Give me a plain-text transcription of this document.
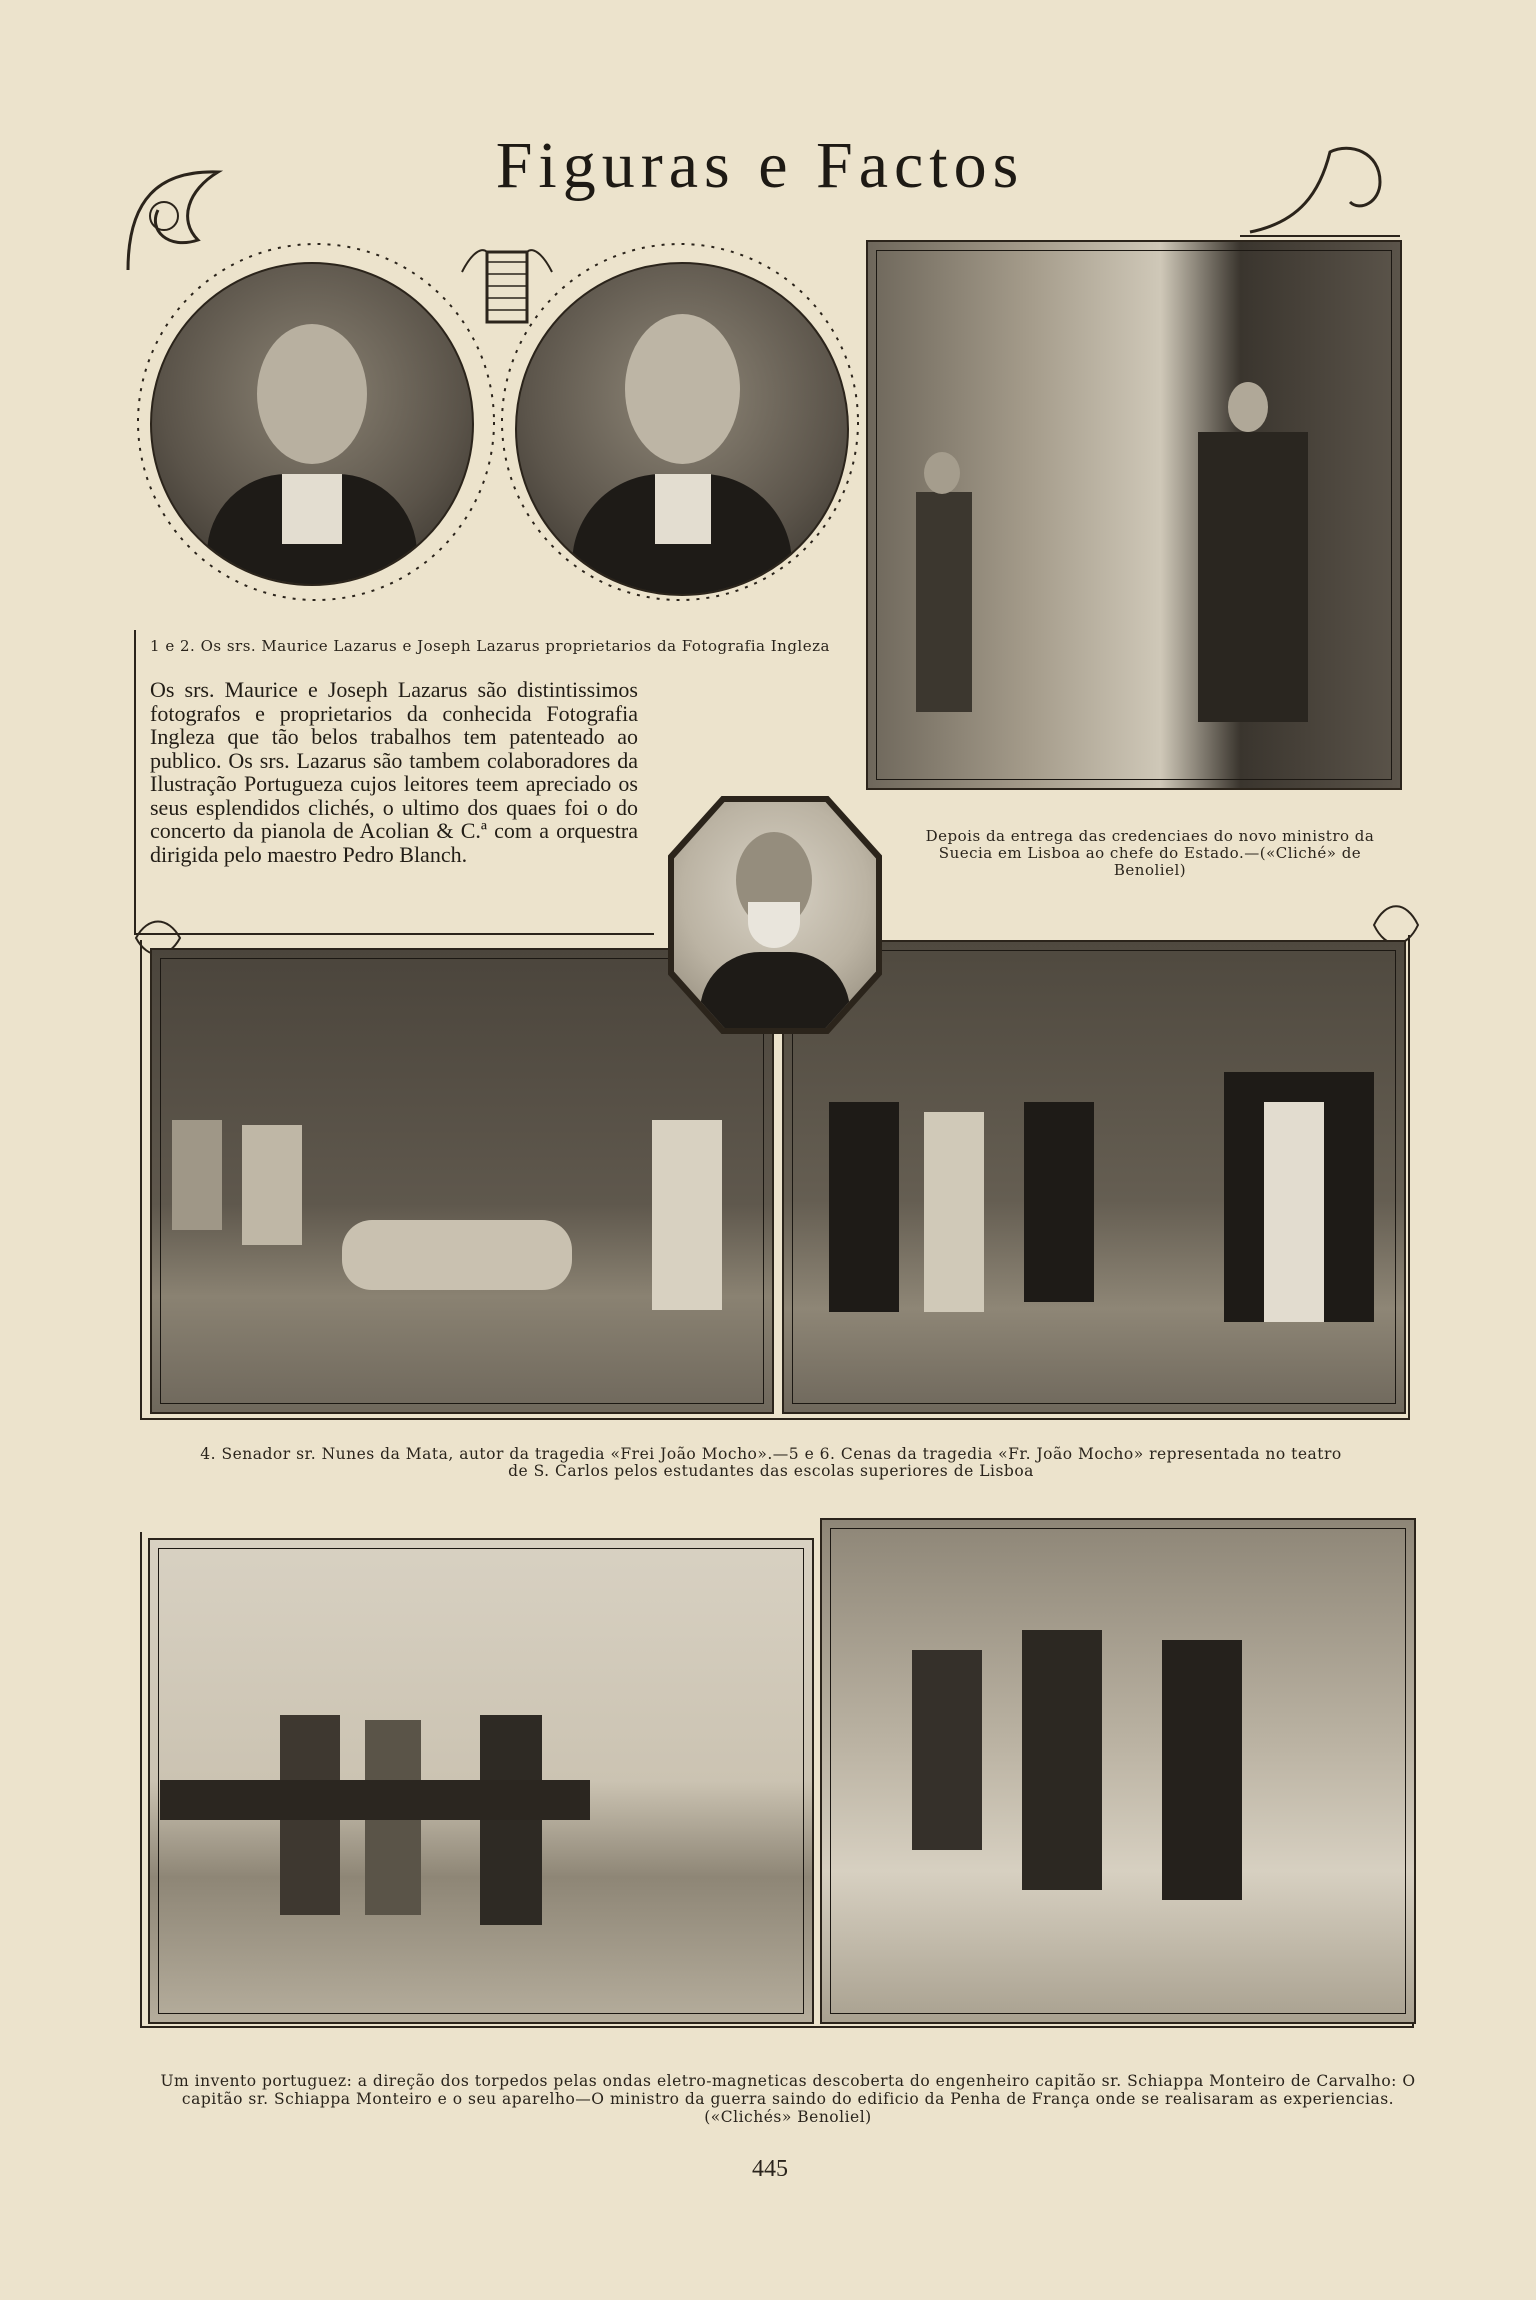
Figuras e Factos
1 e 2. Os srs. Maurice Lazarus e Joseph Lazarus proprietarios da Fotografia Ingleza
Os srs. Maurice e Joseph Lazarus são distintissimos fotografos e proprietarios da conhecida Fotografia Ingleza que tão belos trabalhos tem patenteado ao publico. Os srs. Lazarus são tambem colaboradores da Ilustração Portugueza cujos leitores teem apreciado os seus esplendidos clichés, o ultimo dos quaes foi o do concerto da pianola de Acolian & C.ª com a orquestra dirigida pelo maestro Pedro Blanch.
Depois da entrega das credenciaes do novo ministro da Suecia em Lisboa ao chefe do Estado.—(«Cliché» de Benoliel)
4. Senador sr. Nunes da Mata, autor da tragedia «Frei João Mocho».—5 e 6. Cenas da tragedia «Fr. João Mocho» representada no teatro de S. Carlos pelos estudantes das escolas superiores de Lisboa
Um invento portuguez: a direção dos torpedos pelas ondas eletro-magneticas descoberta do engenheiro capitão sr. Schiappa Monteiro de Carvalho: O capitão sr. Schiappa Monteiro e o seu aparelho—O ministro da guerra saindo do edificio da Penha de França onde se realisaram as experiencias. («Clichés» Benoliel)
445
